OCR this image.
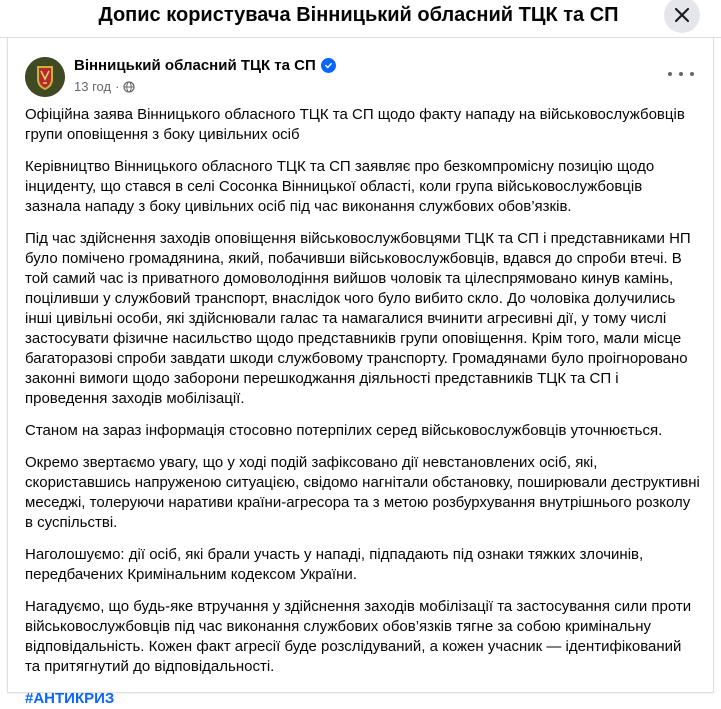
Допис користувача Вінницький обласний ТЦК та СП
Вінницький обласний ТЦК та СП
13 год ·

Офіційна заява Вінницького обласного ТЦК та СП щодо факту нападу на військовослужбовців групи оповіщення з боку цивільних осіб

Керівництво Вінницького обласного ТЦК та СП заявляє про безкомпромісну позицію щодо інциденту, що стався в селі Сосонка Вінницької області, коли група військовослужбовців зазнала нападу з боку цивільних осіб під час виконання службових обов’язків.

Під час здійснення заходів оповіщення військовослужбовцями ТЦК та СП і представниками НП було помічено громадянина, який, побачивши військовослужбовців, вдався до спроби втечі. В той самий час із приватного домоволодіння вийшов чоловік та цілеспрямовано кинув камінь, поціливши у службовий транспорт, внаслідок чого було вибито скло. До чоловіка долучились інші цивільні особи, які здійснювали галас та намагалися вчинити агресивні дії, у тому числі застосувати фізичне насильство щодо представників групи оповіщення. Крім того, мали місце багаторазові спроби завдати шкоди службовому транспорту. Громадянами було проігноровано законні вимоги щодо заборони перешкоджання діяльності представників ТЦК та СП і проведення заходів мобілізації.

Станом на зараз інформація стосовно потерпілих серед військовослужбовців уточнюється.

Окремо звертаємо увагу, що у ході подій зафіксовано дії невстановлених осіб, які, скориставшись напруженою ситуацією, свідомо нагнітали обстановку, поширювали деструктивні меседжі, толеруючи наративи країни-агресора та з метою розбурхування внутрішнього розколу в суспільстві.

Наголошуємо: дії осіб, які брали участь у нападі, підпадають під ознаки тяжких злочинів, передбачених Кримінальним кодексом України.

Нагадуємо, що будь-яке втручання у здійснення заходів мобілізації та застосування сили проти військовослужбовців під час виконання службових обов’язків тягне за собою кримінальну відповідальність. Кожен факт агресії буде розслідуваний, а кожен учасник — ідентифікований та притягнутий до відповідальності.

#АНТИКРИЗ
